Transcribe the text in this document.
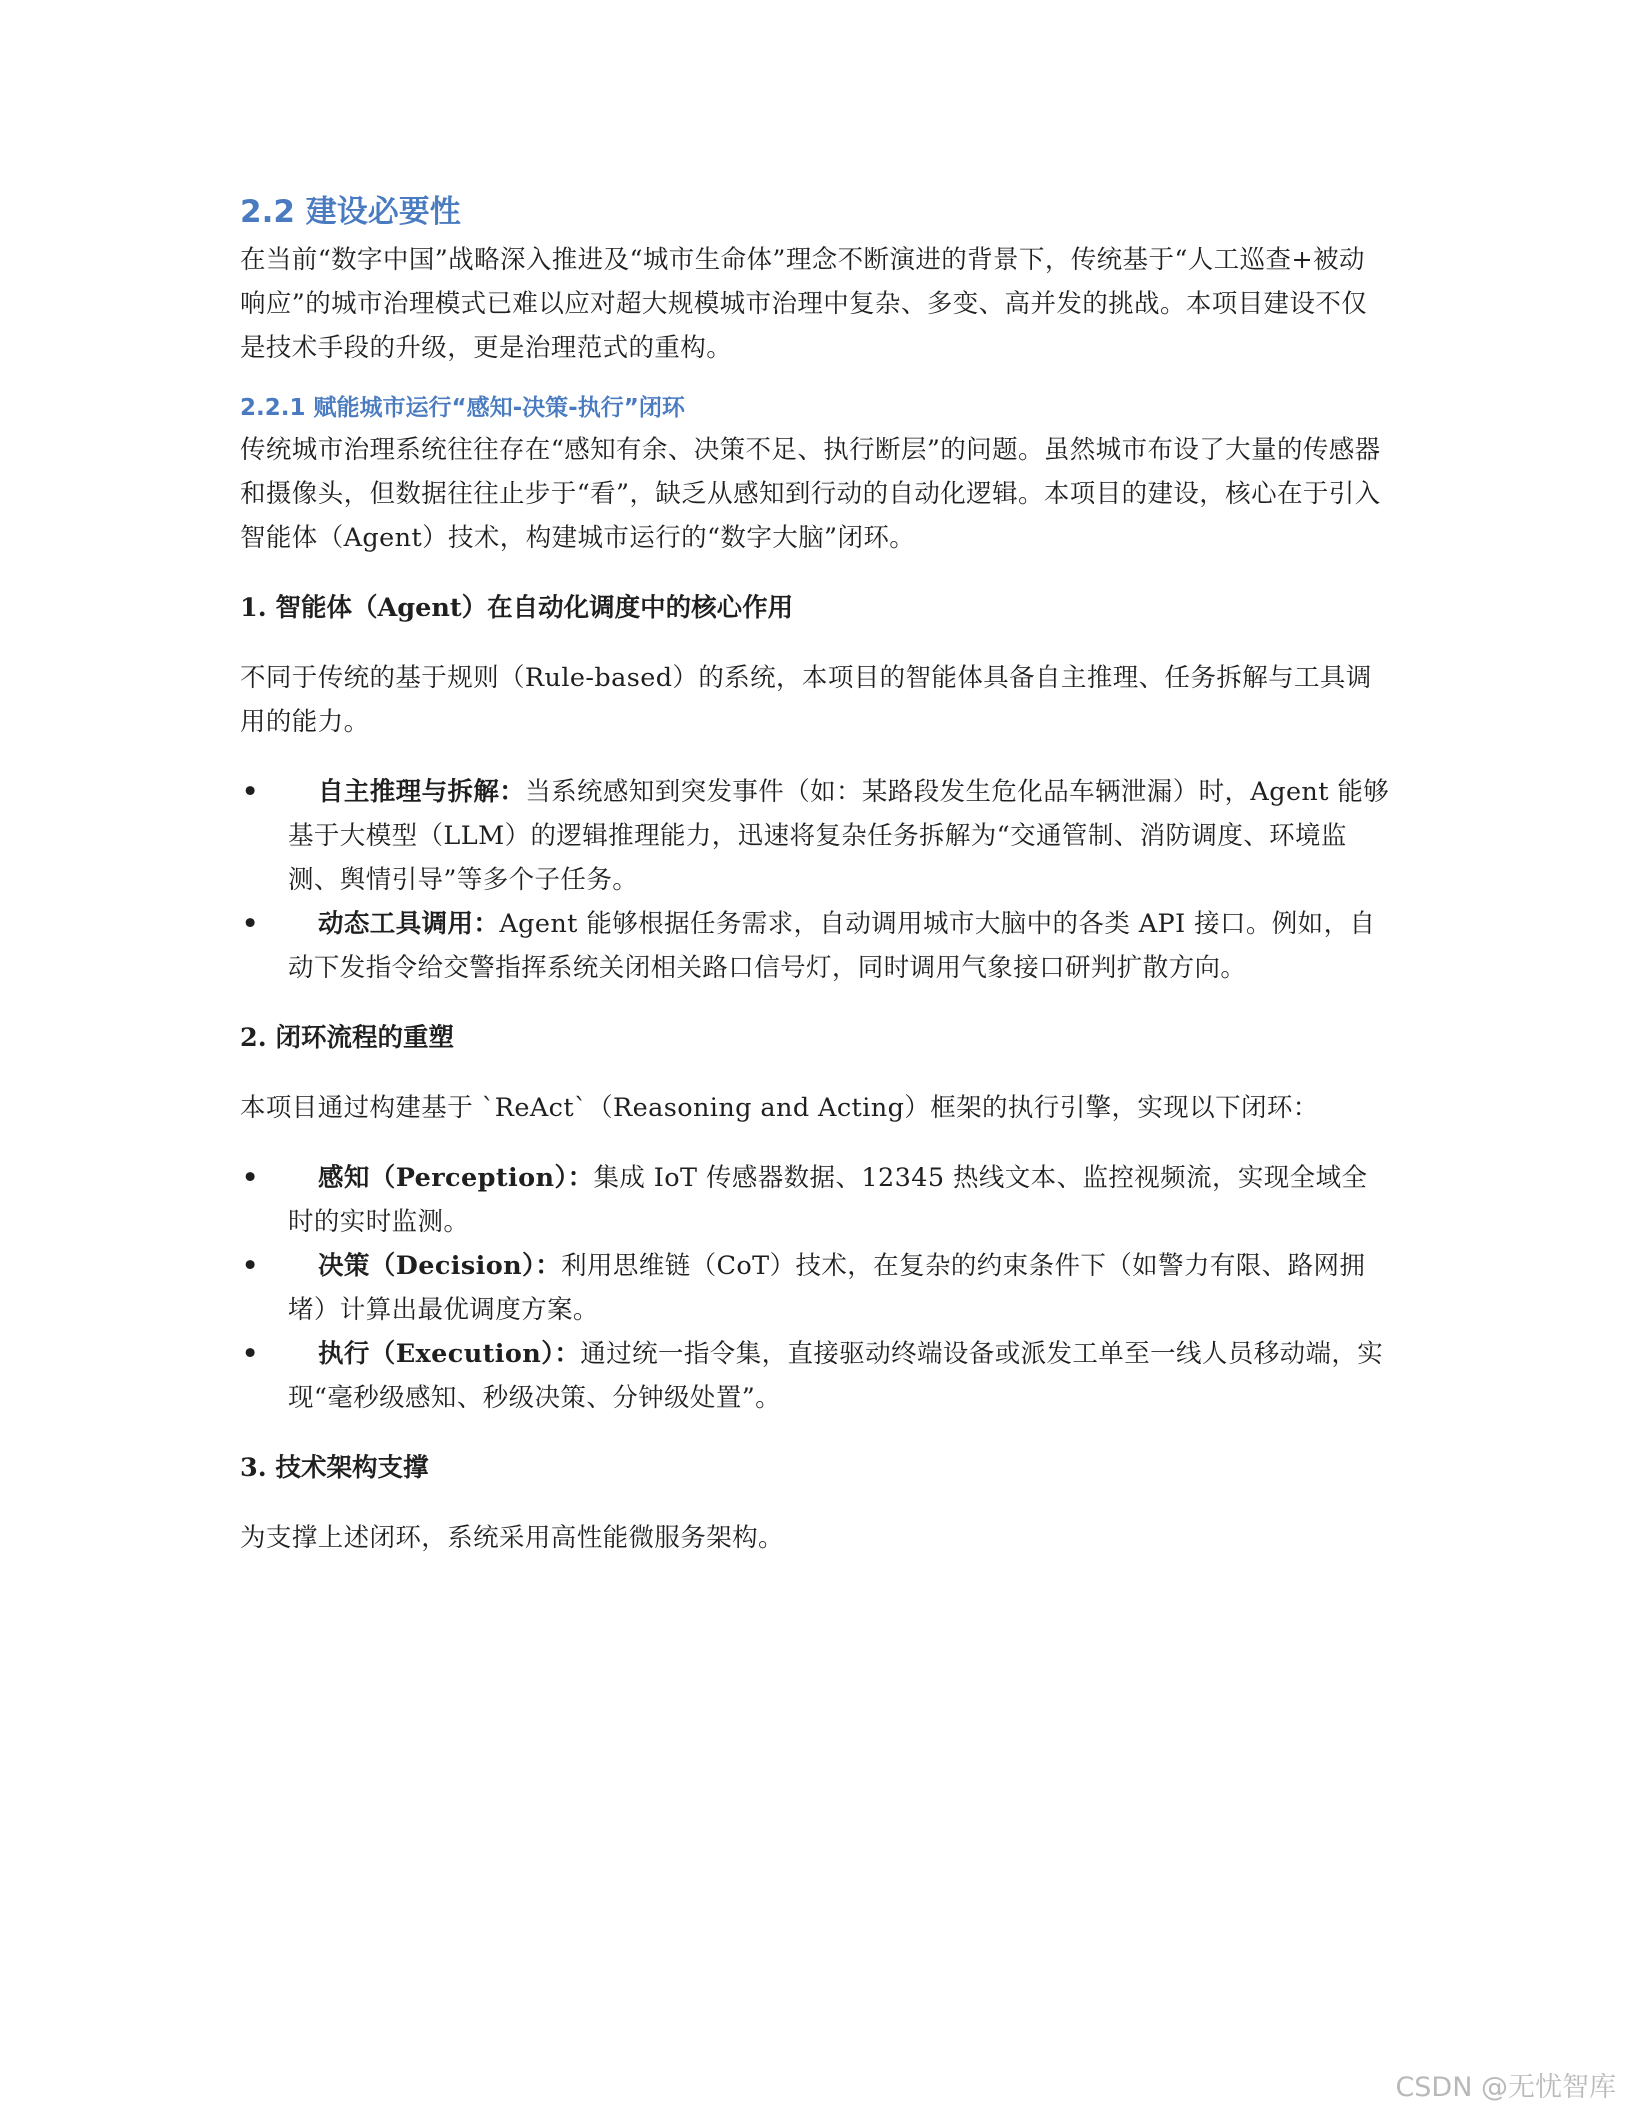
2.2 建设必要性

在当前“数字中国”战略深入推进及“城市生命体”理念不断演进的背景下，传统基于“人工巡查+被动响应”的城市治理模式已难以应对超大规模城市治理中复杂、多变、高并发的挑战。本项目建设不仅是技术手段的升级，更是治理范式的重构。

2.2.1 赋能城市运行“感知-决策-执行”闭环

传统城市治理系统往往存在“感知有余、决策不足、执行断层”的问题。虽然城市布设了大量的传感器和摄像头，但数据往往止步于“看”，缺乏从感知到行动的自动化逻辑。本项目的建设，核心在于引入智能体（Agent）技术，构建城市运行的“数字大脑”闭环。

1. 智能体（Agent）在自动化调度中的核心作用

不同于传统的基于规则（Rule-based）的系统，本项目的智能体具备自主推理、任务拆解与工具调用的能力。

• 自主推理与拆解：当系统感知到突发事件（如：某路段发生危化品车辆泄漏）时，Agent 能够基于大模型（LLM）的逻辑推理能力，迅速将复杂任务拆解为“交通管制、消防调度、环境监测、舆情引导”等多个子任务。
• 动态工具调用：Agent 能够根据任务需求，自动调用城市大脑中的各类 API 接口。例如，自动下发指令给交警指挥系统关闭相关路口信号灯，同时调用气象接口研判扩散方向。
2. 闭环流程的重塑

本项目通过构建基于 `ReAct`（Reasoning and Acting）框架的执行引擎，实现以下闭环：

• 感知（Perception）：集成 IoT 传感器数据、12345 热线文本、监控视频流，实现全域全时的实时监测。
• 决策（Decision）：利用思维链（CoT）技术，在复杂的约束条件下（如警力有限、路网拥堵）计算出最优调度方案。
• 执行（Execution）：通过统一指令集，直接驱动终端设备或派发工单至一线人员移动端，实现“毫秒级感知、秒级决策、分钟级处置”。
3. 技术架构支撑

为支撑上述闭环，系统采用高性能微服务架构。

CSDN @无忧智库
